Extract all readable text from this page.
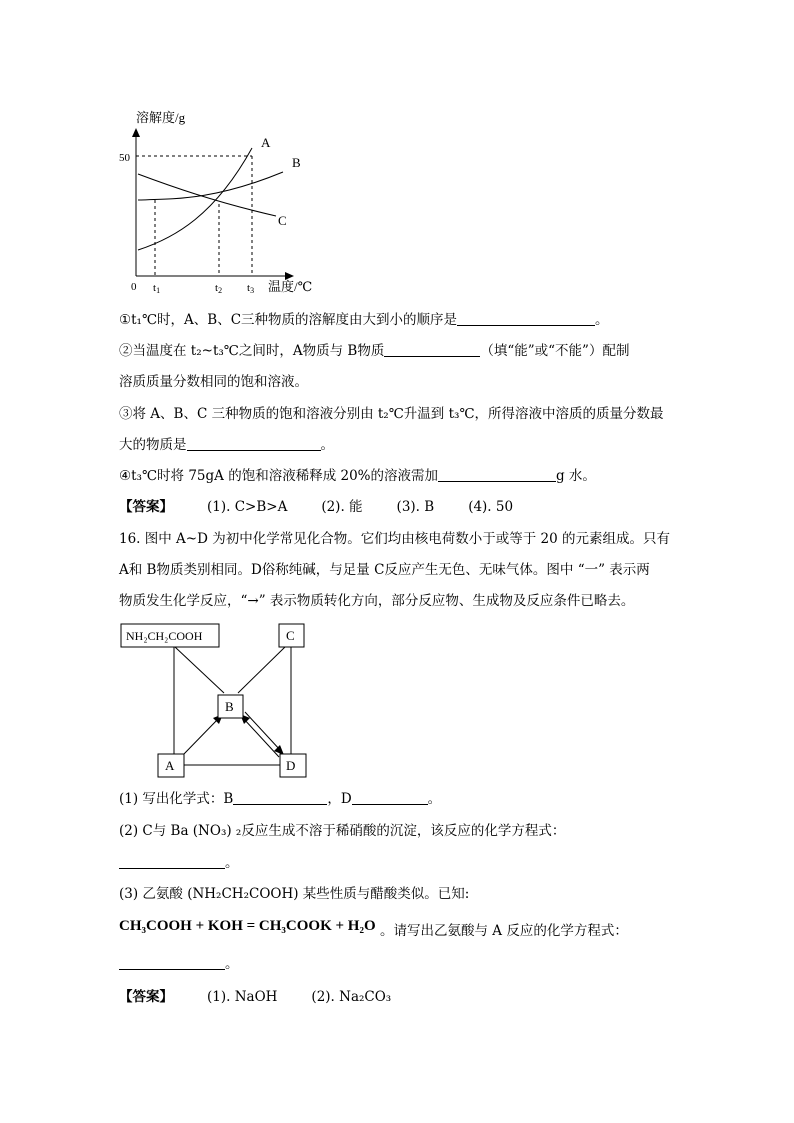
溶解度/g
温度/℃
0
50
t1	t2 t3
A
B
C
①t₁℃时，A、B、C三种物质的溶解度由大到小的顺序是	。
②当温度在 t₂~t₃℃之间时，A物质与 B物质	（填“能”或“不能”）配制
溶质质量分数相同的饱和溶液。
③将 A、B、C 三种物质的饱和溶液分别由 t₂℃升温到 t₃℃，所得溶液中溶质的质量分数最
大的物质是	。
④t₃℃时将 75gA 的饱和溶液稀释成 20%的溶液需加	g 水。
【答案】	(1). C>B>A	(2). 能	(3). B	(4). 50
16. 图中 A~D 为初中化学常见化合物。它们均由核电荷数小于或等于 20 的元素组成。只有
A和 B物质类别相同。D俗称纯碱，与足量 C反应产生无色、无味气体。图中 “一” 表示两
物质发生化学反应，“→” 表示物质转化方向，部分反应物、生成物及反应条件已略去。
NH₂CH₂COOH	C
B
A	D
(1) 写出化学式：B	，D	。
(2) C与 Ba (NO₃) ₂反应生成不溶于稀硝酸的沉淀，该反应的化学方程式：
。
(3) 乙氨酸 (NH₂CH₂COOH) 某些性质与醋酸类似。已知:
。请写出乙氨酸与 A 反应的化学方程式：
CH₃COOH + KOH = CH₃COOK + H₂O
。
【答案】	(1). NaOH	(2). Na₂CO₃
